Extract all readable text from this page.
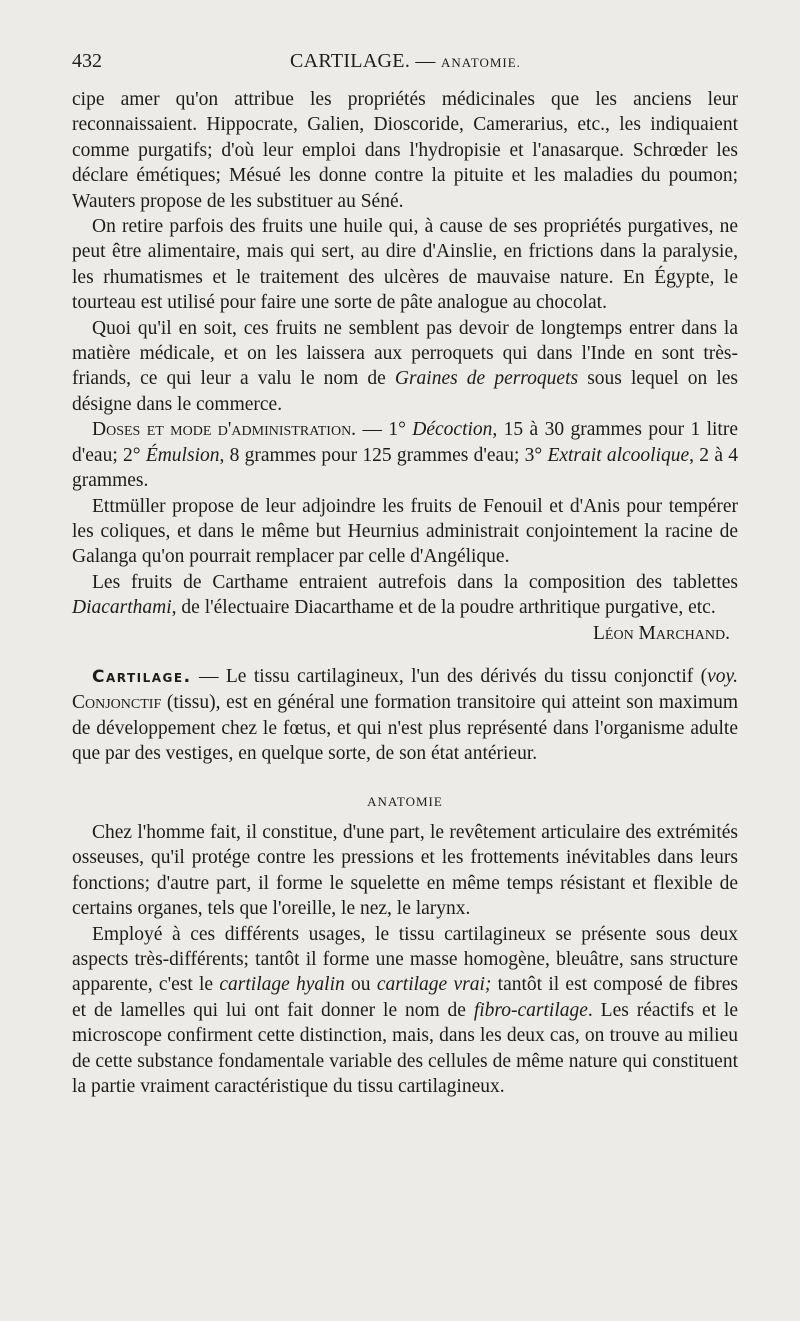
432	CARTILAGE. — ANATOMIE.

cipe amer qu'on attribue les propriétés médicinales que les anciens leur reconnaissaient. Hippocrate, Galien, Dioscoride, Camerarius, etc., les indiquaient comme purgatifs; d'où leur emploi dans l'hydropisie et l'anasarque. Schrœder les déclare émétiques; Mésué les donne contre la pituite et les maladies du poumon; Wauters propose de les substituer au Séné.

On retire parfois des fruits une huile qui, à cause de ses propriétés purgatives, ne peut être alimentaire, mais qui sert, au dire d'Ainslie, en frictions dans la paralysie, les rhumatismes et le traitement des ulcères de mauvaise nature. En Égypte, le tourteau est utilisé pour faire une sorte de pâte analogue au chocolat.

Quoi qu'il en soit, ces fruits ne semblent pas devoir de longtemps entrer dans la matière médicale, et on les laissera aux perroquets qui dans l'Inde en sont très-friands, ce qui leur a valu le nom de Graines de perroquets sous lequel on les désigne dans le commerce.

Doses et mode d'administration. — 1° Décoction, 15 à 30 grammes pour 1 litre d'eau; 2° Émulsion, 8 grammes pour 125 grammes d'eau; 3° Extrait alcoolique, 2 à 4 grammes.

Ettmüller propose de leur adjoindre les fruits de Fenouil et d'Anis pour tempérer les coliques, et dans le même but Heurnius administrait conjointement la racine de Galanga qu'on pourrait remplacer par celle d'Angélique.

Les fruits de Carthame entraient autrefois dans la composition des tablettes Diacarthami, de l'électuaire Diacarthame et de la poudre arthritique purgative, etc.

Léon Marchand.

Cartilage. — Le tissu cartilagineux, l'un des dérivés du tissu conjonctif (voy. Conjonctif (tissu), est en général une formation transitoire qui atteint son maximum de développement chez le fœtus, et qui n'est plus représenté dans l'organisme adulte que par des vestiges, en quelque sorte, de son état antérieur.

ANATOMIE

Chez l'homme fait, il constitue, d'une part, le revêtement articulaire des extrémités osseuses, qu'il protége contre les pressions et les frottements inévitables dans leurs fonctions; d'autre part, il forme le squelette en même temps résistant et flexible de certains organes, tels que l'oreille, le nez, le larynx.

Employé à ces différents usages, le tissu cartilagineux se présente sous deux aspects très-différents; tantôt il forme une masse homogène, bleuâtre, sans structure apparente, c'est le cartilage hyalin ou cartilage vrai; tantôt il est composé de fibres et de lamelles qui lui ont fait donner le nom de fibro-cartilage. Les réactifs et le microscope confirment cette distinction, mais, dans les deux cas, on trouve au milieu de cette substance fondamentale variable des cellules de même nature qui constituent la partie vraiment caractéristique du tissu cartilagineux.
